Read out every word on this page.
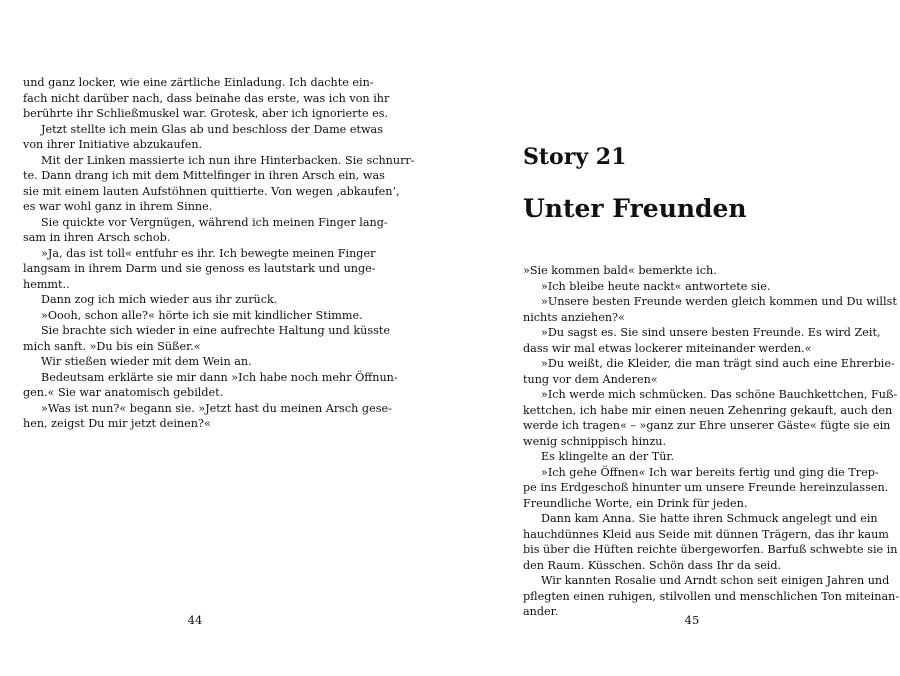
und ganz locker, wie eine zärtliche Einladung. Ich dachte ein-
fach nicht darüber nach, dass beinahe das erste, was ich von ihr
berührte ihr Schließmuskel war. Grotesk, aber ich ignorierte es.
Jetzt stellte ich mein Glas ab und beschloss der Dame etwas
von ihrer Initiative abzukaufen.
Mit der Linken massierte ich nun ihre Hinterbacken. Sie schnurr-
te. Dann drang ich mit dem Mittelfinger in ihren Arsch ein, was
sie mit einem lauten Aufstöhnen quittierte. Von wegen ‚abkaufen’,
es war wohl ganz in ihrem Sinne.
Sie quickte vor Vergnügen, während ich meinen Finger lang-
sam in ihren Arsch schob.
»Ja, das ist toll« entfuhr es ihr. Ich bewegte meinen Finger
langsam in ihrem Darm und sie genoss es lautstark und unge-
hemmt..
Dann zog ich mich wieder aus ihr zurück.
»Oooh, schon alle?« hörte ich sie mit kindlicher Stimme.
Sie brachte sich wieder in eine aufrechte Haltung und küsste
mich sanft. »Du bis ein Süßer.«
Wir stießen wieder mit dem Wein an.
Bedeutsam erklärte sie mir dann »Ich habe noch mehr Öffnun-
gen.« Sie war anatomisch gebildet.
»Was ist nun?« begann sie. »Jetzt hast du meinen Arsch gese-
hen, zeigst Du mir jetzt deinen?«
44
Story 21
Unter Freunden
»Sie kommen bald« bemerkte ich.
»Ich bleibe heute nackt« antwortete sie.
»Unsere besten Freunde werden gleich kommen und Du willst
nichts anziehen?«
»Du sagst es. Sie sind unsere besten Freunde. Es wird Zeit,
dass wir mal etwas lockerer miteinander werden.«
»Du weißt, die Kleider, die man trägt sind auch eine Ehrerbie-
tung vor dem Anderen«
»Ich werde mich schmücken. Das schöne Bauchkettchen, Fuß-
kettchen, ich habe mir einen neuen Zehenring gekauft, auch den
werde ich tragen« – »ganz zur Ehre unserer Gäste« fügte sie ein
wenig schnippisch hinzu.
Es klingelte an der Tür.
»Ich gehe Öffnen« Ich war bereits fertig und ging die Trep-
pe ins Erdgeschoß hinunter um unsere Freunde hereinzulassen.
Freundliche Worte, ein Drink für jeden.
Dann kam Anna. Sie hatte ihren Schmuck angelegt und ein
hauchdünnes Kleid aus Seide mit dünnen Trägern, das ihr kaum
bis über die Hüften reichte übergeworfen. Barfuß schwebte sie in
den Raum. Küsschen. Schön dass Ihr da seid.
Wir kannten Rosalie und Arndt schon seit einigen Jahren und
pflegten einen ruhigen, stilvollen und menschlichen Ton miteinan-
ander.
45
